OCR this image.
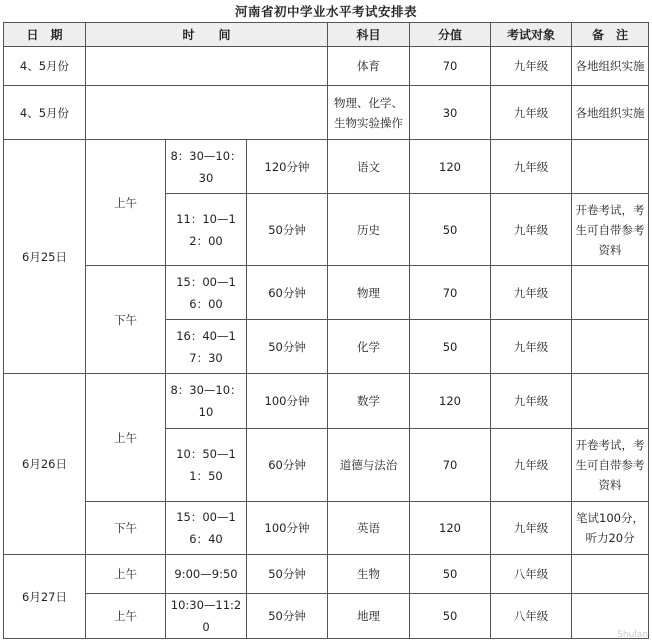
河南省初中学业水平考试安排表
日　期	时　　间			科目	分值	考试对象	备　注
4、5月份				体育	70	九年级	各地组织实施
4、5月份				物理、化学、生物实验操作	30	九年级	各地组织实施
6月25日	上午	8：30—10：30	120分钟	语文	120	九年级	
		11：10—12：00	50分钟	历史	50	九年级	开卷考试，考生可自带参考资料
	下午	15：00—16：00	60分钟	物理	70	九年级	
		16：40—17：30	50分钟	化学	50	九年级	
6月26日	上午	8：30—10：10	100分钟	数学	120	九年级	
		10：50—11：50	60分钟	道德与法治	70	九年级	开卷考试，考生可自带参考资料
	下午	15：00—16：40	100分钟	英语	120	九年级	笔试100分，听力20分
6月27日	上午	9:00—9:50	50分钟	生物	50	八年级	
	上午	10:30—11:20	50分钟	地理	50	八年级	
Shulan
